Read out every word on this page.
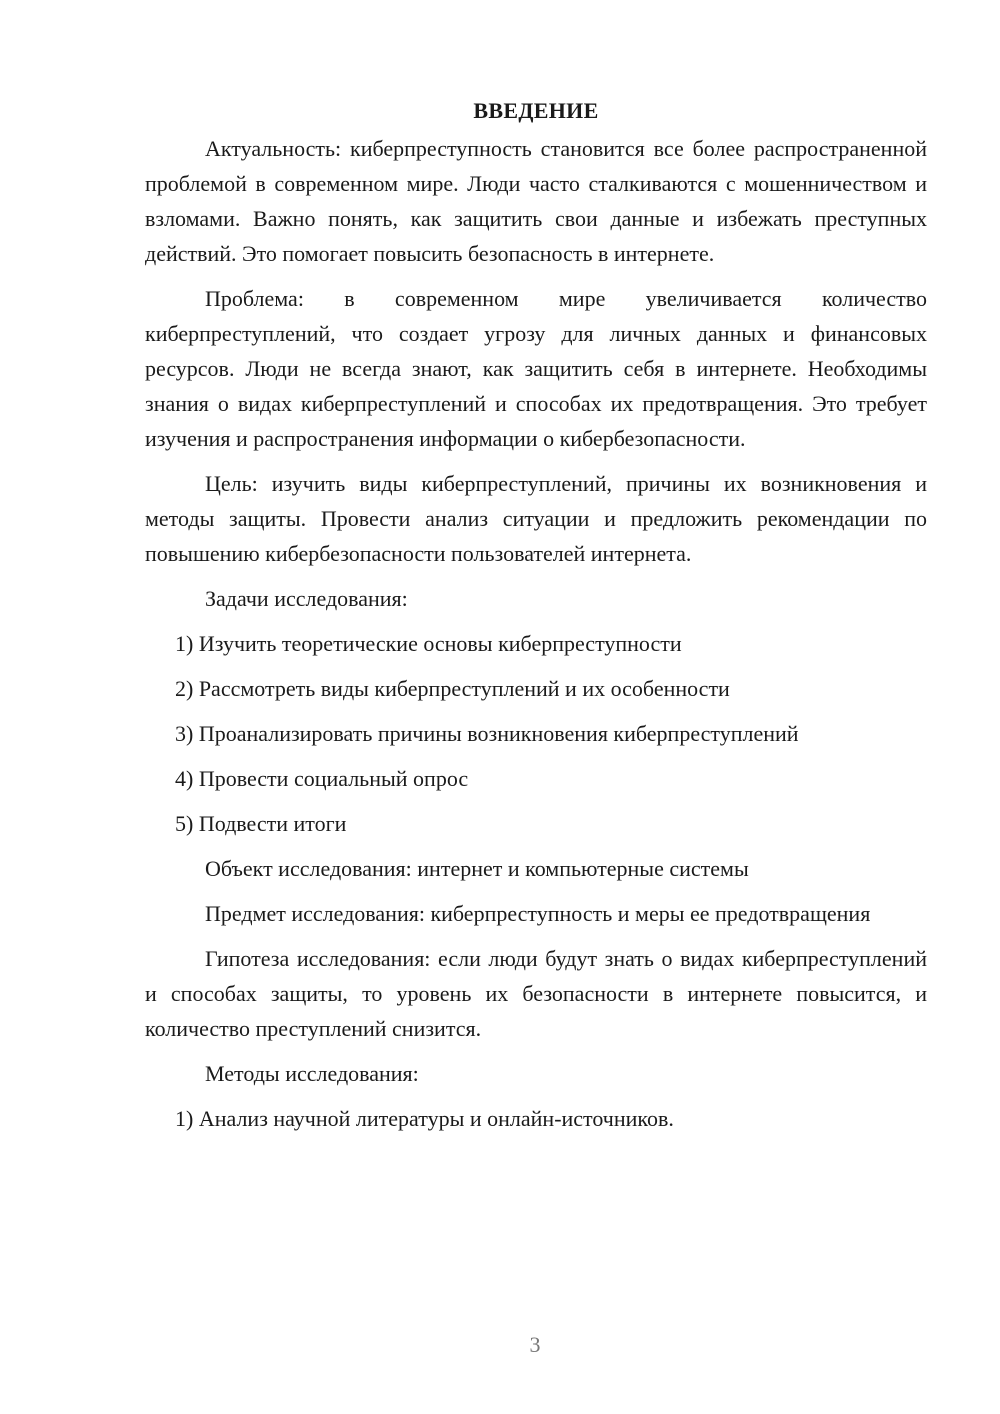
ВВЕДЕНИЕ

Актуальность: киберпреступность становится все более распространенной проблемой в современном мире. Люди часто сталкиваются с мошенничеством и взломами. Важно понять, как защитить свои данные и избежать преступных действий. Это помогает повысить безопасность в интернете.

Проблема: в современном мире увеличивается количество киберпреступлений, что создает угрозу для личных данных и финансовых ресурсов. Люди не всегда знают, как защитить себя в интернете. Необходимы знания о видах киберпреступлений и способах их предотвращения. Это требует изучения и распространения информации о кибербезопасности.

Цель: изучить виды киберпреступлений, причины их возникновения и методы защиты. Провести анализ ситуации и предложить рекомендации по повышению кибербезопасности пользователей интернета.

Задачи исследования:
1) Изучить теоретические основы киберпреступности
2) Рассмотреть виды киберпреступлений и их особенности
3) Проанализировать причины возникновения киберпреступлений
4) Провести социальный опрос
5) Подвести итоги

Объект исследования: интернет и компьютерные системы

Предмет исследования: киберпреступность и меры ее предотвращения

Гипотеза исследования: если люди будут знать о видах киберпреступлений и способах защиты, то уровень их безопасности в интернете повысится, и количество преступлений снизится.

Методы исследования:
1) Анализ научной литературы и онлайн-источников.
3
